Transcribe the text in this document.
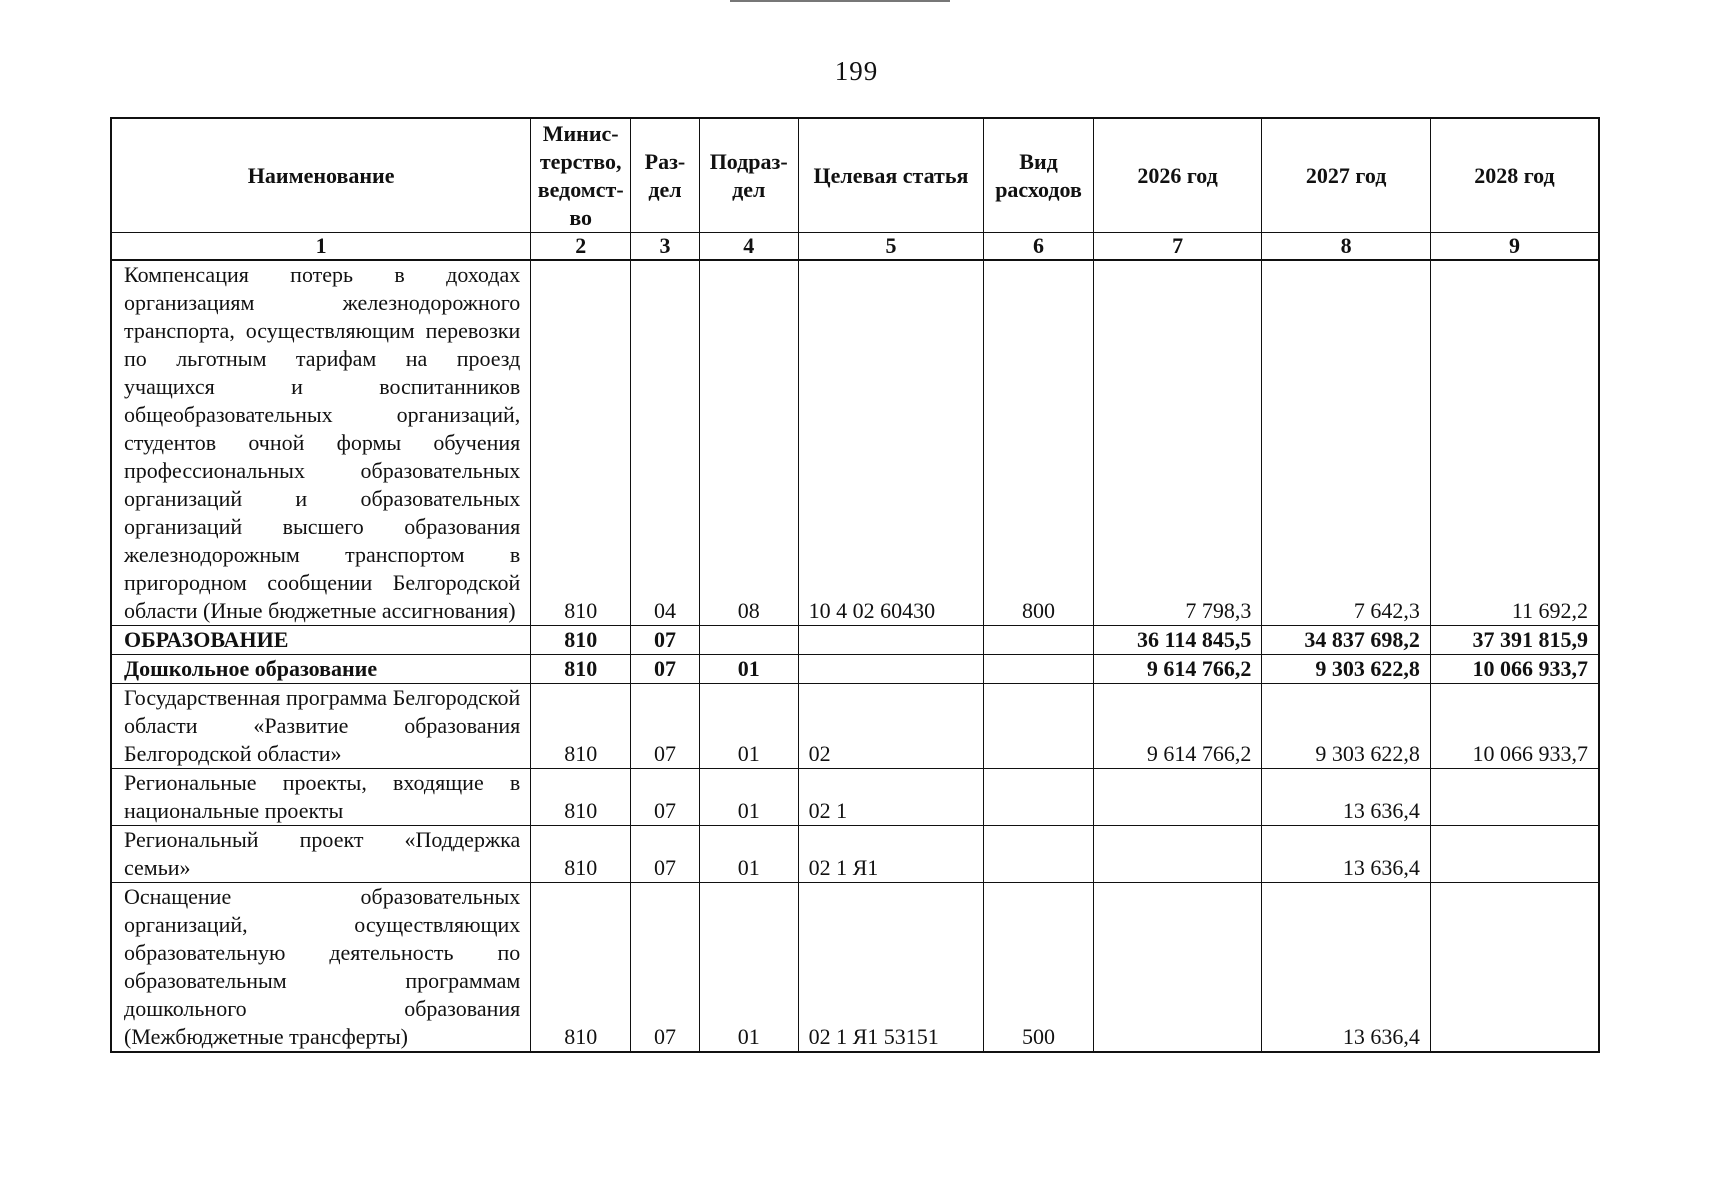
199
Наименование	Минис-терство, ведомст-во	Раз-дел	Подраз-дел	Целевая статья	Вид расходов	2026 год	2027 год	2028 год
1	2	3	4	5	6	7	8	9
Компенсация потерь в доходах организациям железнодорожного транспорта, осуществляющим перевозки по льготным тарифам на проезд учащихся и воспитанников общеобразовательных организаций, студентов очной формы обучения профессиональных образовательных организаций и образовательных организаций высшего образования железнодорожным транспортом в пригородном сообщении Белгородской области (Иные бюджетные ассигнования)	810	04	08	10 4 02 60430	800	7 798,3	7 642,3	11 692,2
ОБРАЗОВАНИЕ	810	07				36 114 845,5	34 837 698,2	37 391 815,9
Дошкольное образование	810	07	01			9 614 766,2	9 303 622,8	10 066 933,7
Государственная программа Белгородской области «Развитие образования Белгородской области»	810	07	01	02		9 614 766,2	9 303 622,8	10 066 933,7
Региональные проекты, входящие в национальные проекты	810	07	01	02 1			13 636,4	
Региональный проект «Поддержка семьи»	810	07	01	02 1 Я1			13 636,4	
Оснащение образовательных организаций, осуществляющих образовательную деятельность по образовательным программам дошкольного образования (Межбюджетные трансферты)	810	07	01	02 1 Я1 53151	500		13 636,4	
